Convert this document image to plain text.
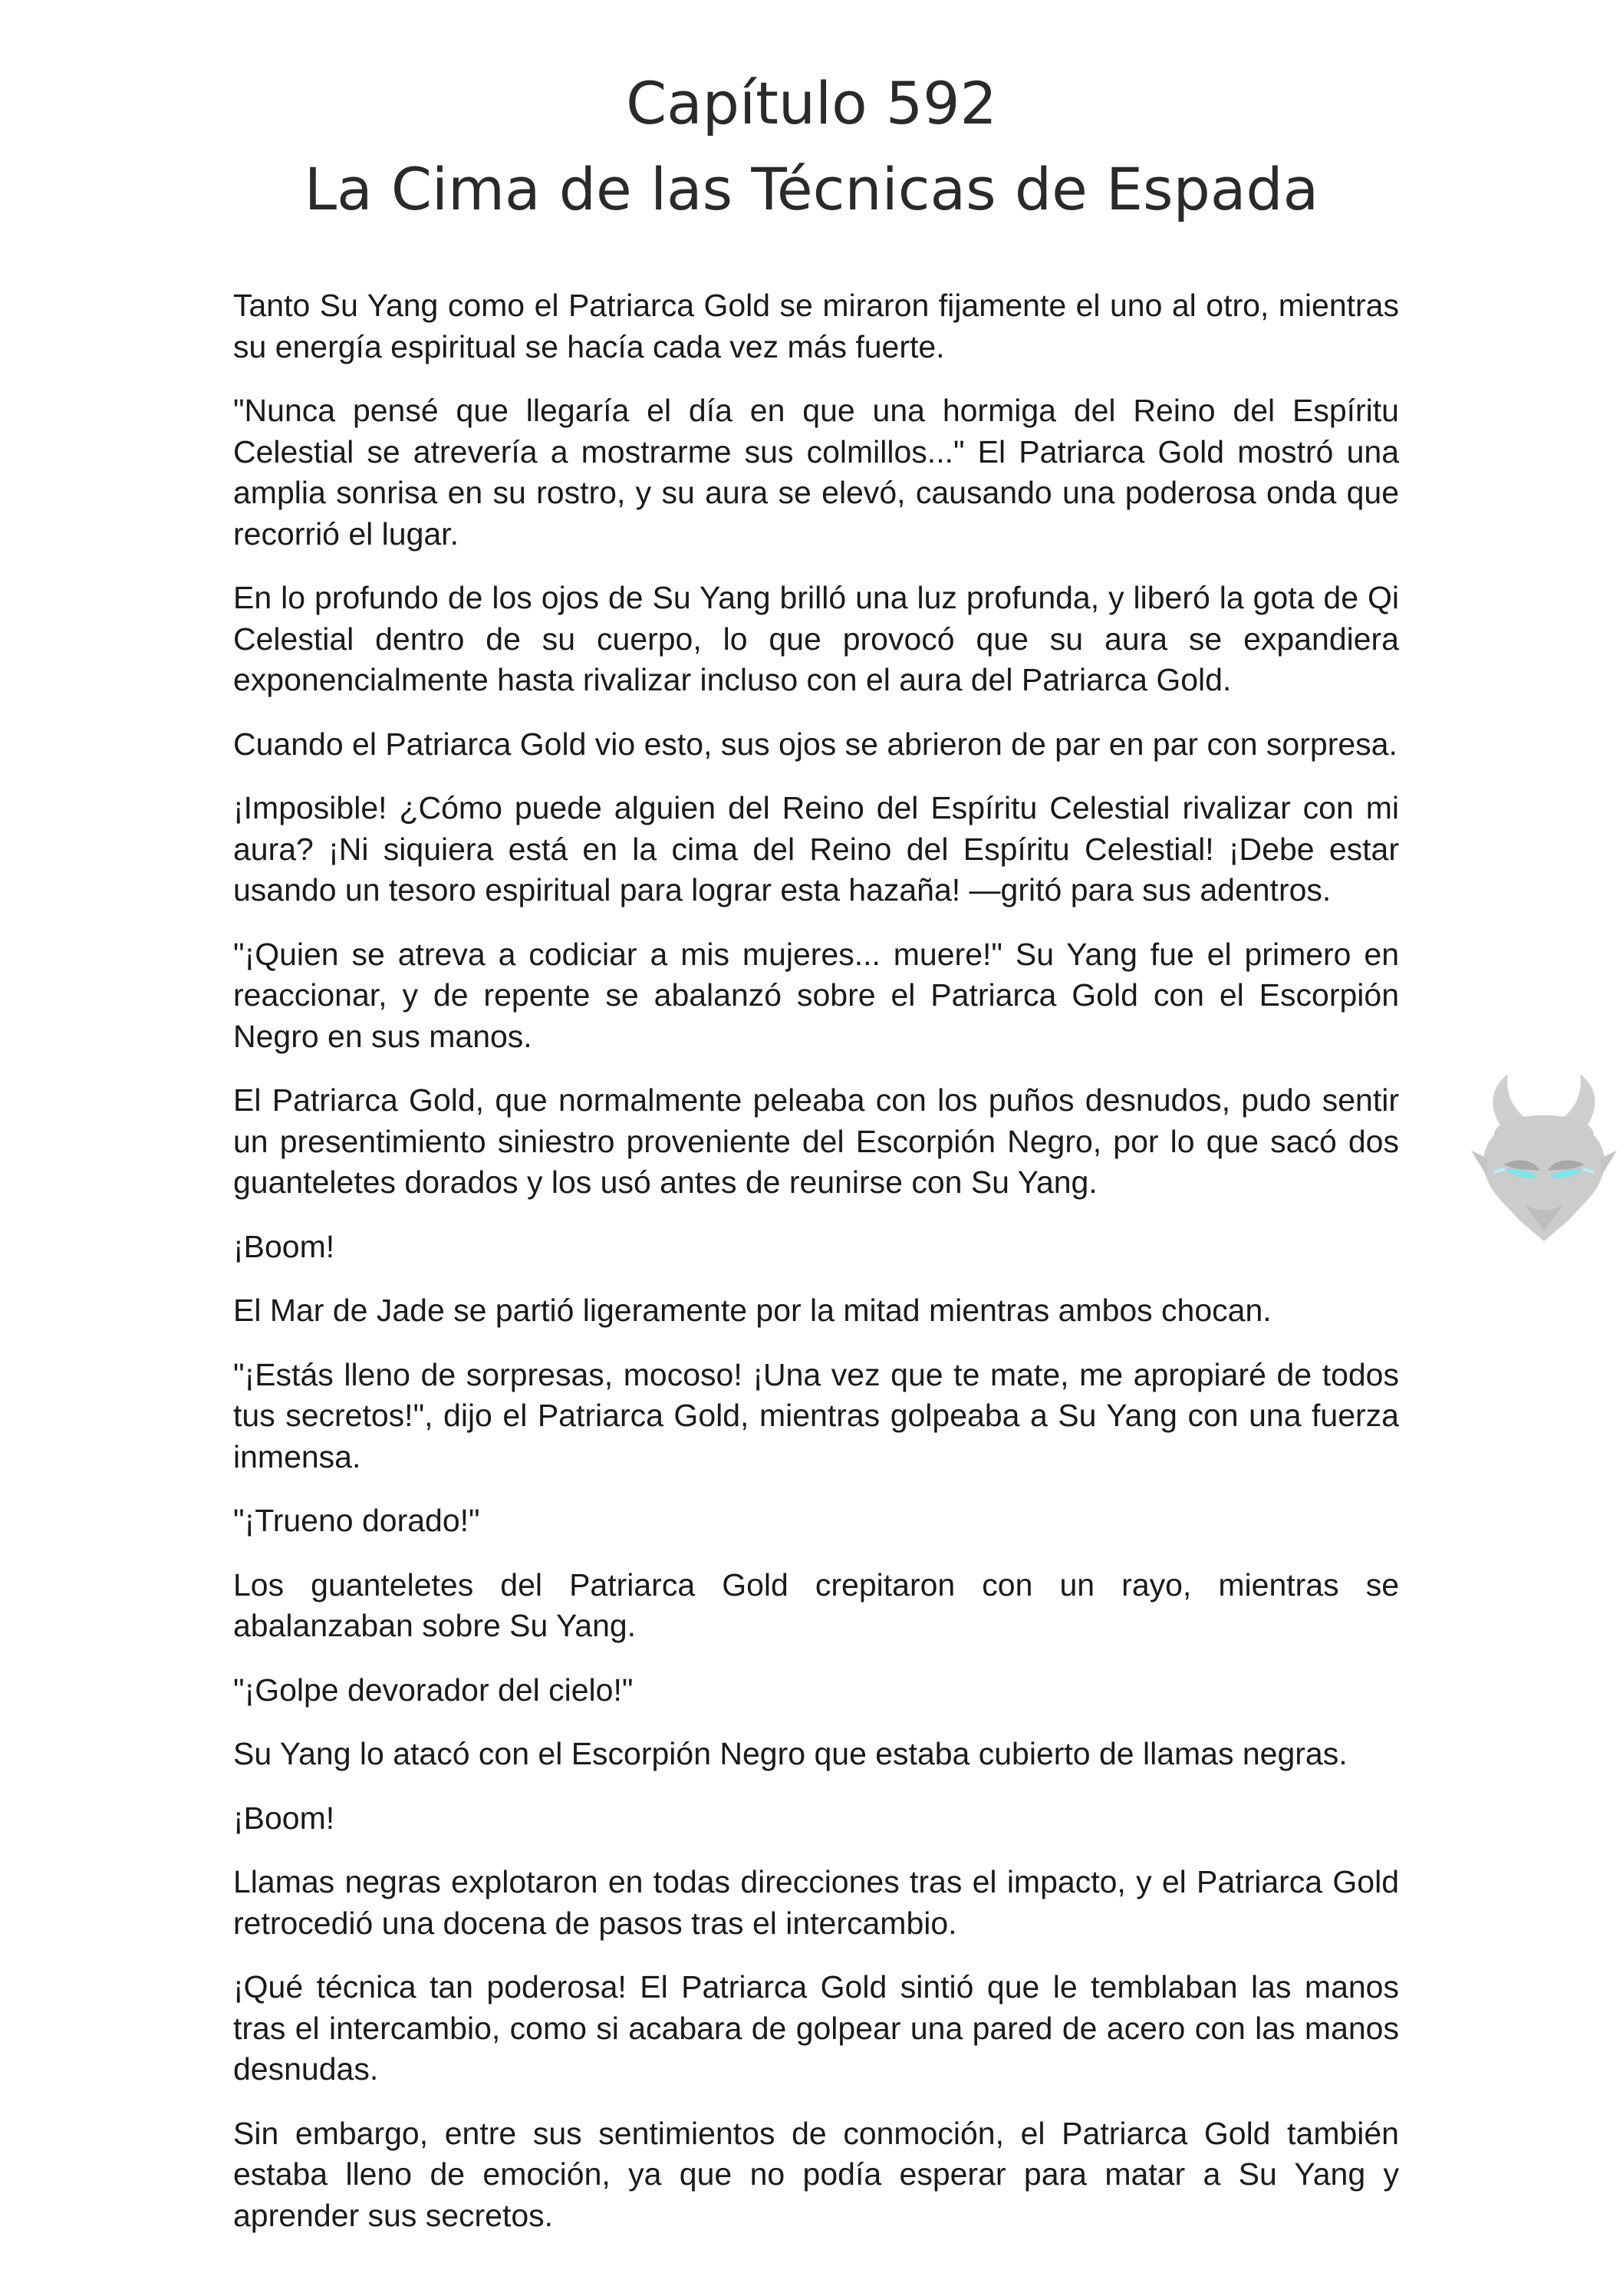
Capítulo 592
La Cima de las Técnicas de Espada

Tanto Su Yang como el Patriarca Gold se miraron fijamente el uno al otro, mientras su energía espiritual se hacía cada vez más fuerte.

"Nunca pensé que llegaría el día en que una hormiga del Reino del Espíritu Celestial se atrevería a mostrarme sus colmillos..." El Patriarca Gold mostró una amplia sonrisa en su rostro, y su aura se elevó, causando una poderosa onda que recorrió el lugar.

En lo profundo de los ojos de Su Yang brilló una luz profunda, y liberó la gota de Qi Celestial dentro de su cuerpo, lo que provocó que su aura se expandiera exponencialmente hasta rivalizar incluso con el aura del Patriarca Gold.

Cuando el Patriarca Gold vio esto, sus ojos se abrieron de par en par con sorpresa.

¡Imposible! ¿Cómo puede alguien del Reino del Espíritu Celestial rivalizar con mi aura? ¡Ni siquiera está en la cima del Reino del Espíritu Celestial! ¡Debe estar usando un tesoro espiritual para lograr esta hazaña! —gritó para sus adentros.

"¡Quien se atreva a codiciar a mis mujeres... muere!" Su Yang fue el primero en reaccionar, y de repente se abalanzó sobre el Patriarca Gold con el Escorpión Negro en sus manos.

El Patriarca Gold, que normalmente peleaba con los puños desnudos, pudo sentir un presentimiento siniestro proveniente del Escorpión Negro, por lo que sacó dos guanteletes dorados y los usó antes de reunirse con Su Yang.

¡Boom!

El Mar de Jade se partió ligeramente por la mitad mientras ambos chocan.

"¡Estás lleno de sorpresas, mocoso! ¡Una vez que te mate, me apropiaré de todos tus secretos!", dijo el Patriarca Gold, mientras golpeaba a Su Yang con una fuerza inmensa.

"¡Trueno dorado!"

Los guanteletes del Patriarca Gold crepitaron con un rayo, mientras se abalanzaban sobre Su Yang.

"¡Golpe devorador del cielo!"

Su Yang lo atacó con el Escorpión Negro que estaba cubierto de llamas negras.

¡Boom!

Llamas negras explotaron en todas direcciones tras el impacto, y el Patriarca Gold retrocedió una docena de pasos tras el intercambio.

¡Qué técnica tan poderosa! El Patriarca Gold sintió que le temblaban las manos tras el intercambio, como si acabara de golpear una pared de acero con las manos desnudas.

Sin embargo, entre sus sentimientos de conmoción, el Patriarca Gold también estaba lleno de emoción, ya que no podía esperar para matar a Su Yang y aprender sus secretos.
